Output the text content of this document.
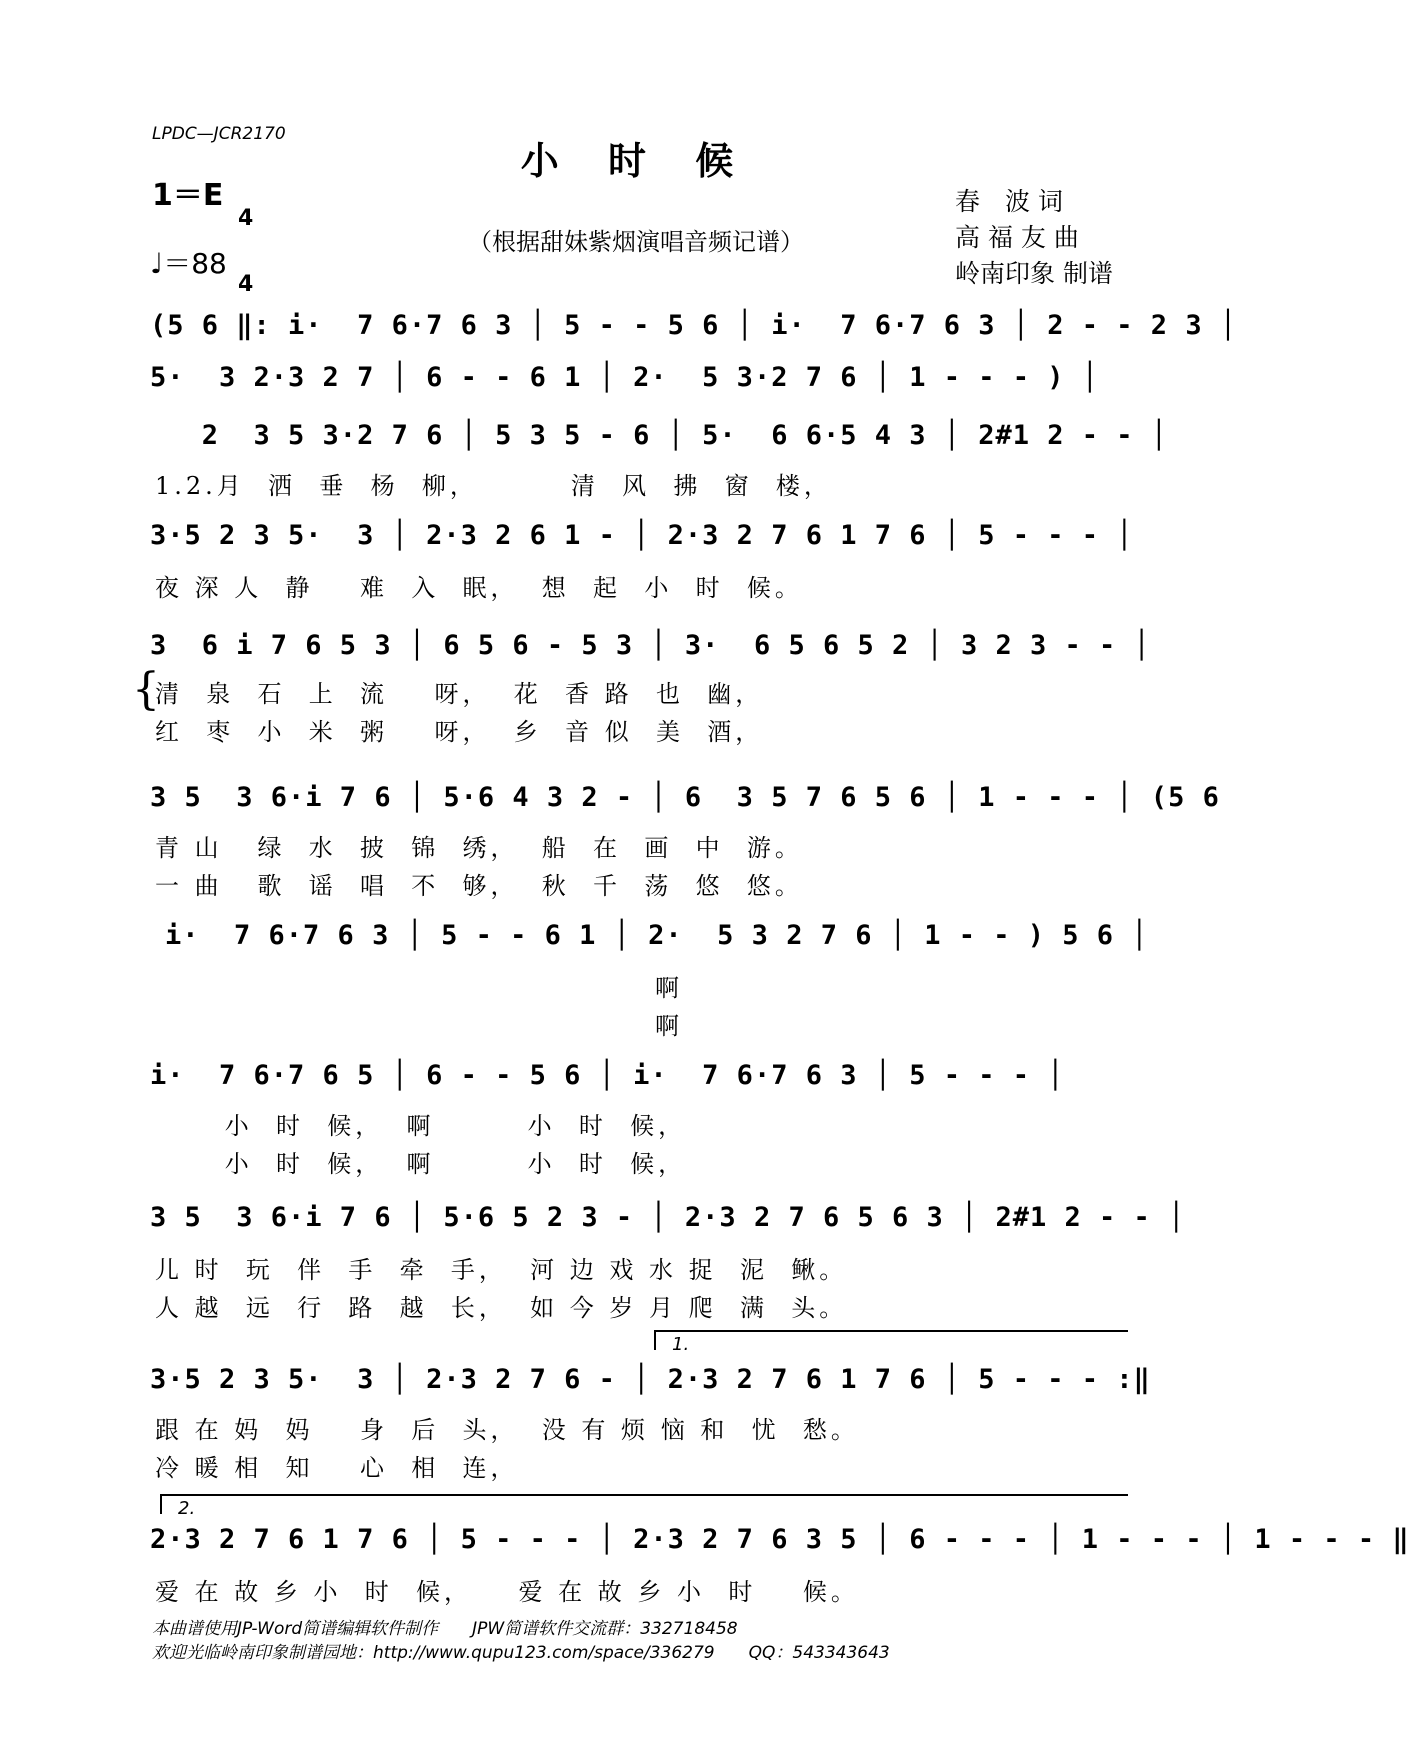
LPDC—JCR2170
小 时 候
1＝E

4

4

♩＝88
（根据甜妹紫烟演唱音频记谱）
春　波 词
高 福 友 曲
岭南印象 制谱
(5 6 ‖: i·  7 6·7 6 3 │ 5 - - 5 6 │ i·  7 6·7 6 3 │ 2 - - 2 3 │
5·  3 2·3 2 7 │ 6 - - 6 1 │ 2·  5 3·2 7 6 │ 1 - - - ) │
2  3 5 3·2 7 6 │ 5 3 5 - 6 │ 5·  6 6·5 4 3 │ 2#1 2 - - │
1.2.月  洒  垂  杨  柳，        清  风  拂  窗  楼，
3·5 2 3 5·  3 │ 2·3 2 6 1 - │ 2·3 2 7 6 1 7 6 │ 5 - - - │
夜 深 人  静    难  入  眠，  想  起  小  时  候。
3  6 i 7 6 5 3 │ 6 5 6 - 5 3 │ 3·  6 5 6 5 2 │ 3 2 3 - - │
{
清  泉  石  上  流    呀，  花  香 路  也  幽，
红  枣  小  米  粥    呀，  乡  音 似  美  酒，
3 5  3 6·i 7 6 │ 5·6 4 3 2 - │ 6  3 5 7 6 5 6 │ 1 - - - │ (5 6
青 山   绿  水  披  锦  绣，  船  在  画  中  游。
一 曲   歌  谣  唱  不  够，  秋  千  荡  悠  悠。
i·  7 6·7 6 3 │ 5 - - 6 1 │ 2·  5 3 2 7 6 │ 1 - - ) 5 6 │
啊
啊
i·  7 6·7 6 5 │ 6 - - 5 6 │ i·  7 6·7 6 3 │ 5 - - - │
小  时  候，  啊        小  时  候，
小  时  候，  啊        小  时  候，
3 5  3 6·i 7 6 │ 5·6 5 2 3 - │ 2·3 2 7 6 5 6 3 │ 2#1 2 - - │
儿 时  玩  伴  手  牵  手，  河 边 戏 水 捉  泥  鳅。
人 越  远  行  路  越  长，  如 今 岁 月 爬  满  头。
1.
3·5 2 3 5·  3 │ 2·3 2 7 6 - │ 2·3 2 7 6 1 7 6 │ 5 - - - :‖
跟 在 妈  妈    身  后  头，  没 有 烦 恼 和  忧  愁。
冷 暖 相  知    心  相  连，
2.
2·3 2 7 6 1 7 6 │ 5 - - - │ 2·3 2 7 6 3 5 │ 6 - - - │ 1 - - - │ 1 - - - ‖
爱 在 故 乡 小  时  候，    爱 在 故 乡 小  时    候。
本曲谱使用JP-Word简谱编辑软件制作　　JPW简谱软件交流群：332718458
欢迎光临岭南印象制谱园地：http://www.qupu123.com/space/336279　　QQ：543343643
